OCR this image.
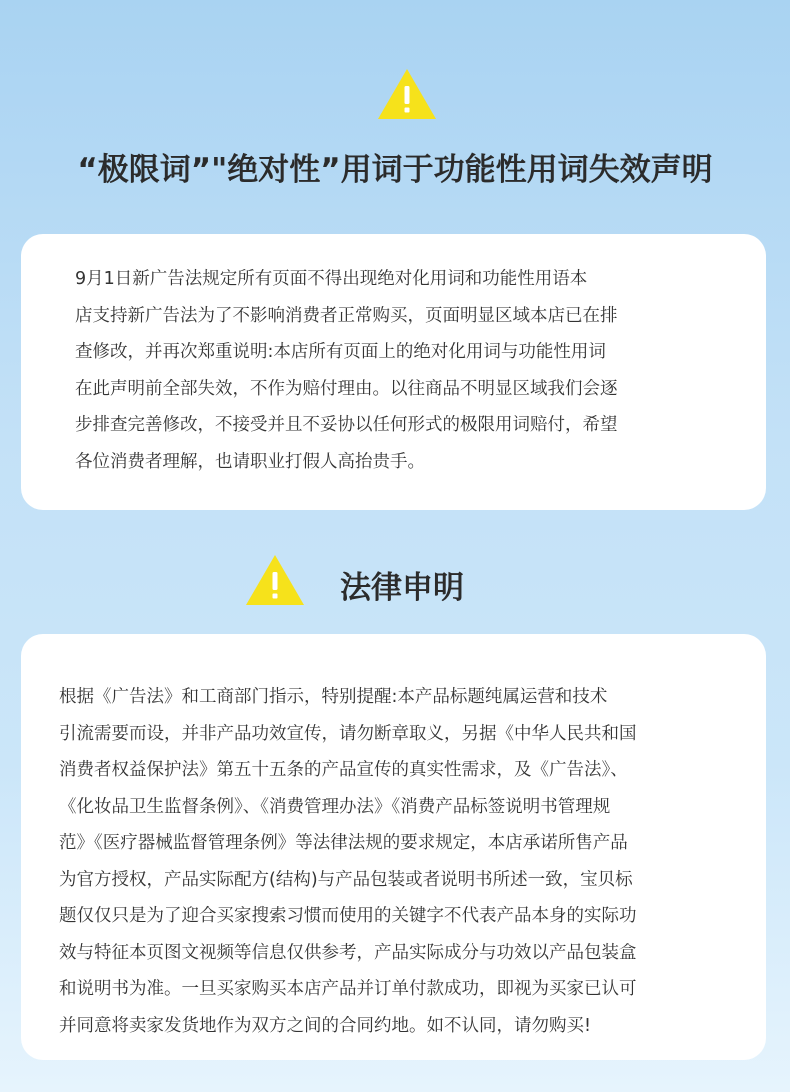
“极限词”"绝对性”用词于功能性用词失效声明

9月1日新广告法规定所有页面不得出现绝对化用词和功能性用语本
店支持新广告法为了不影响消费者正常购买，页面明显区域本店已在排
查修改，并再次郑重说明:本店所有页面上的绝对化用词与功能性用词
在此声明前全部失效，不作为赔付理由。以往商品不明显区域我们会逐
步排查完善修改，不接受并且不妥协以任何形式的极限用词赔付，希望
各位消费者理解，也请职业打假人高抬贵手。

法律申明

根据《广告法》和工商部门指示，特别提醒:本产品标题纯属运营和技术
引流需要而设，并非产品功效宣传，请勿断章取义，另据《中华人民共和国
消费者权益保护法》第五十五条的产品宣传的真实性需求，及《广告法》、
《化妆品卫生监督条例》、《消费管理办法》《消费产品标签说明书管理规
范》《医疗器械监督管理条例》等法律法规的要求规定，本店承诺所售产品
为官方授权，产品实际配方(结构)与产品包装或者说明书所述一致，宝贝标
题仅仅只是为了迎合买家搜索习惯而使用的关键字不代表产品本身的实际功
效与特征本页图文视频等信息仅供参考，产品实际成分与功效以产品包装盒
和说明书为准。一旦买家购买本店产品并订单付款成功，即视为买家已认可
并同意将卖家发货地作为双方之间的合同约地。如不认同，请勿购买!
